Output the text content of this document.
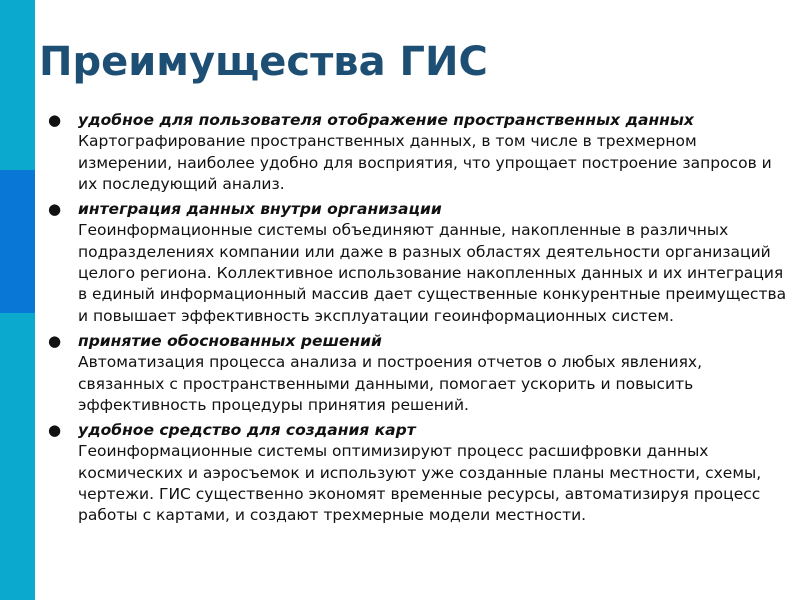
Преимущества ГИС
● удобное для пользователя отображение пространственных данных
Картографирование пространственных данных, в том числе в трехмерном измерении, наиболее удобно для восприятия, что упрощает построение запросов и их последующий анализ.
● интеграция данных внутри организации
Геоинформационные системы объединяют данные, накопленные в различных подразделениях компании или даже в разных областях деятельности организаций целого региона. Коллективное использование накопленных данных и их интеграция в единый информационный массив дает существенные конкурентные преимущества и повышает эффективность эксплуатации геоинформационных систем.
● принятие обоснованных решений
Автоматизация процесса анализа и построения отчетов о любых явлениях, связанных с пространственными данными, помогает ускорить и повысить эффективность процедуры принятия решений.
● удобное средство для создания карт
Геоинформационные системы оптимизируют процесс расшифровки данных космических и аэросъемок и используют уже созданные планы местности, схемы, чертежи. ГИС существенно экономят временные ресурсы, автоматизируя процесс работы с картами, и создают трехмерные модели местности.
